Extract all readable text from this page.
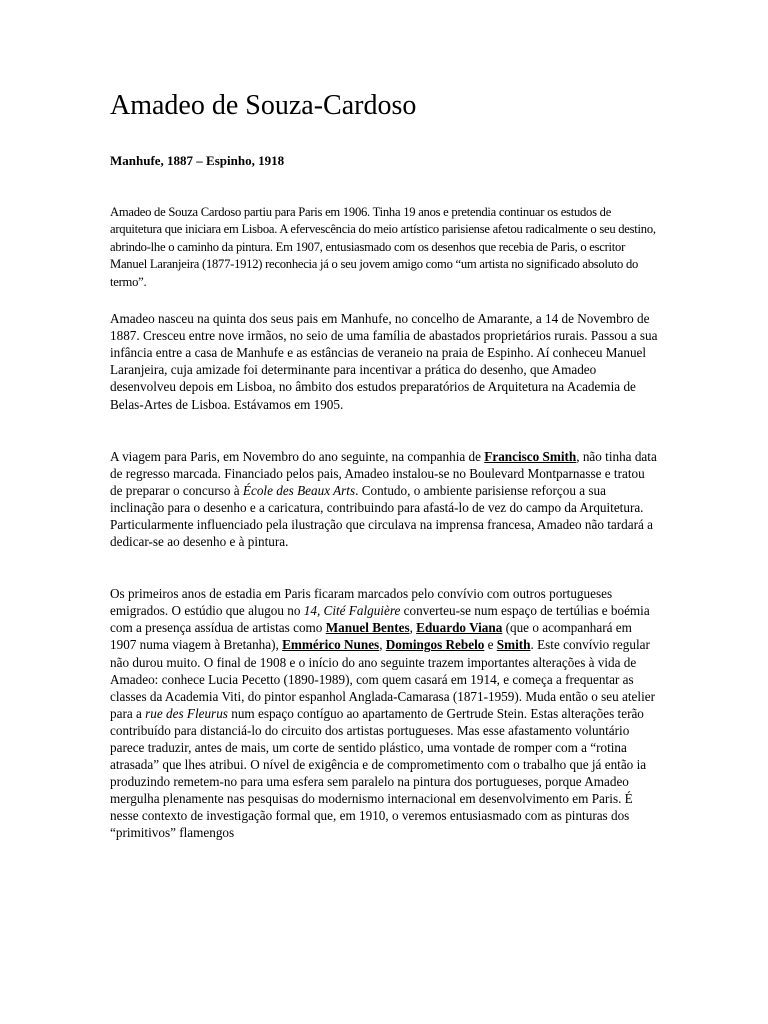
Amadeo de Souza-Cardoso
Manhufe, 1887 – Espinho, 1918
Amadeo de Souza Cardoso partiu para Paris em 1906. Tinha 19 anos e pretendia continuar os estudos de arquitetura que iniciara em Lisboa. A efervescência do meio artístico parisiense afetou radicalmente o seu destino, abrindo-lhe o caminho da pintura. Em 1907, entusiasmado com os desenhos que recebia de Paris, o escritor Manuel Laranjeira (1877-1912) reconhecia já o seu jovem amigo como “um artista no significado absoluto do termo”.
Amadeo nasceu na quinta dos seus pais em Manhufe, no concelho de Amarante, a 14 de Novembro de 1887. Cresceu entre nove irmãos, no seio de uma família de abastados proprietários rurais. Passou a sua infância entre a casa de Manhufe e as estâncias de veraneio na praia de Espinho. Aí conheceu Manuel Laranjeira, cuja amizade foi determinante para incentivar a prática do desenho, que Amadeo desenvolveu depois em Lisboa, no âmbito dos estudos preparatórios de Arquitetura na Academia de Belas-Artes de Lisboa. Estávamos em 1905.
A viagem para Paris, em Novembro do ano seguinte, na companhia de Francisco Smith, não tinha data de regresso marcada. Financiado pelos pais, Amadeo instalou-se no Boulevard Montparnasse e tratou de preparar o concurso à École des Beaux Arts. Contudo, o ambiente parisiense reforçou a sua inclinação para o desenho e a caricatura, contribuindo para afastá-lo de vez do campo da Arquitetura. Particularmente influenciado pela ilustração que circulava na imprensa francesa, Amadeo não tardará a dedicar-se ao desenho e à pintura.
Os primeiros anos de estadia em Paris ficaram marcados pelo convívio com outros portugueses emigrados. O estúdio que alugou no 14, Cité Falguière converteu-se num espaço de tertúlias e boémia com a presença assídua de artistas como Manuel Bentes, Eduardo Viana (que o acompanhará em 1907 numa viagem à Bretanha), Emmérico Nunes, Domingos Rebelo e Smith. Este convívio regular não durou muito. O final de 1908 e o início do ano seguinte trazem importantes alterações à vida de Amadeo: conhece Lucia Pecetto (1890-1989), com quem casará em 1914, e começa a frequentar as classes da Academia Viti, do pintor espanhol Anglada-Camarasa (1871-1959). Muda então o seu atelier para a rue des Fleurus num espaço contíguo ao apartamento de Gertrude Stein. Estas alterações terão contribuído para distanciá-lo do circuito dos artistas portugueses. Mas esse afastamento voluntário parece traduzir, antes de mais, um corte de sentido plástico, uma vontade de romper com a “rotina atrasada” que lhes atribui. O nível de exigência e de comprometimento com o trabalho que já então ia produzindo remetem-no para uma esfera sem paralelo na pintura dos portugueses, porque Amadeo mergulha plenamente nas pesquisas do modernismo internacional em desenvolvimento em Paris. É nesse contexto de investigação formal que, em 1910, o veremos entusiasmado com as pinturas dos “primitivos” flamengos
